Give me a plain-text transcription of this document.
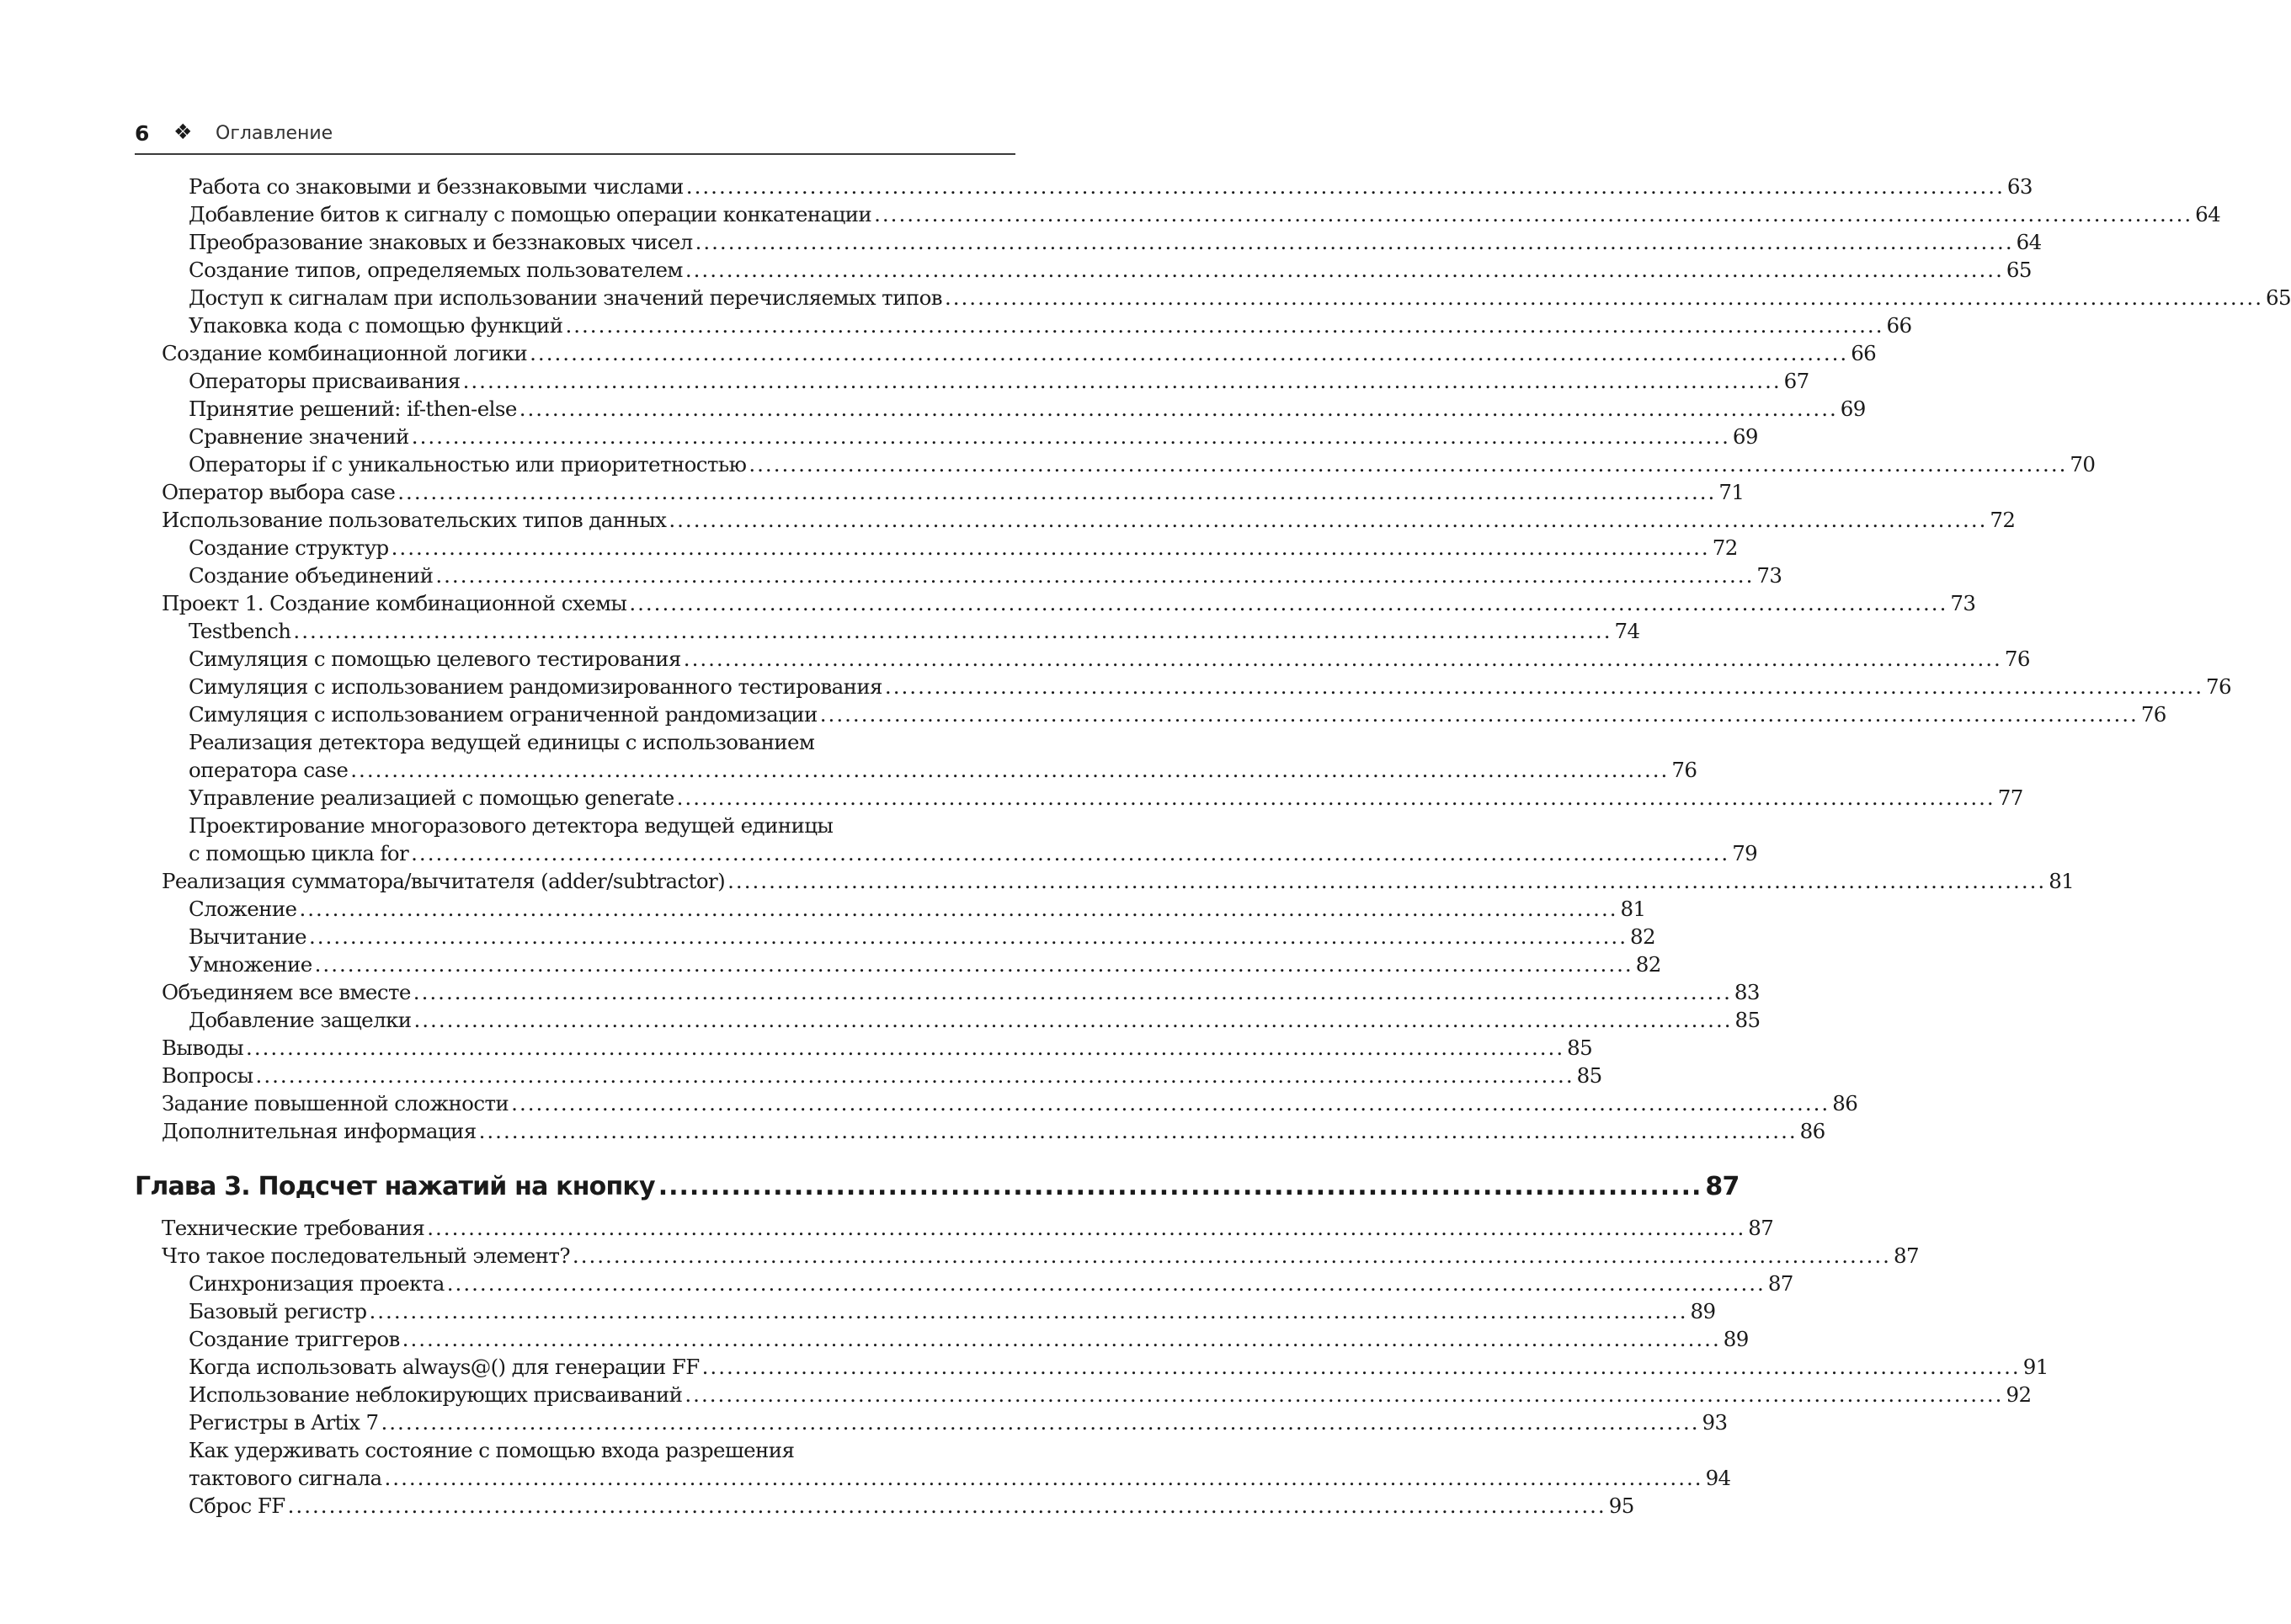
6 ❖ Оглавление
Работа со знаковыми и беззнаковыми числами ................................................................................................................................................................ 63
Добавление битов к сигналу с помощью операции конкатенации ................................................................................................................................................................ 64
Преобразование знаковых и беззнаковых чисел ................................................................................................................................................................ 64
Создание типов, определяемых пользователем ................................................................................................................................................................ 65
Доступ к сигналам при использовании значений перечисляемых типов ................................................................................................................................................................ 65
Упаковка кода с помощью функций ................................................................................................................................................................ 66
Создание комбинационной логики ................................................................................................................................................................ 66
Операторы присваивания ................................................................................................................................................................ 67
Принятие решений: if-then-else ................................................................................................................................................................ 69
Сравнение значений ................................................................................................................................................................ 69
Операторы if с уникальностью или приоритетностью ................................................................................................................................................................ 70
Оператор выбора case ................................................................................................................................................................ 71
Использование пользовательских типов данных ................................................................................................................................................................ 72
Создание структур ................................................................................................................................................................ 72
Создание объединений ................................................................................................................................................................ 73
Проект 1. Создание комбинационной схемы ................................................................................................................................................................ 73
Testbench ................................................................................................................................................................ 74
Симуляция с помощью целевого тестирования ................................................................................................................................................................ 76
Симуляция с использованием рандомизированного тестирования ................................................................................................................................................................ 76
Симуляция с использованием ограниченной рандомизации ................................................................................................................................................................ 76
Реализация детектора ведущей единицы с использованием
оператора case ................................................................................................................................................................ 76
Управление реализацией с помощью generate ................................................................................................................................................................ 77
Проектирование многоразового детектора ведущей единицы
с помощью цикла for ................................................................................................................................................................ 79
Реализация сумматора/вычитателя (adder/subtractor) ................................................................................................................................................................ 81
Сложение ................................................................................................................................................................ 81
Вычитание ................................................................................................................................................................ 82
Умножение ................................................................................................................................................................ 82
Объединяем все вместе ................................................................................................................................................................ 83
Добавление защелки ................................................................................................................................................................ 85
Выводы ................................................................................................................................................................ 85
Вопросы ................................................................................................................................................................ 85
Задание повышенной сложности ................................................................................................................................................................ 86
Дополнительная информация ................................................................................................................................................................ 86
Глава 3. Подсчет нажатий на кнопку .................................................................................................... 87
Технические требования ................................................................................................................................................................ 87
Что такое последовательный элемент? ................................................................................................................................................................ 87
Синхронизация проекта ................................................................................................................................................................ 87
Базовый регистр ................................................................................................................................................................ 89
Создание триггеров ................................................................................................................................................................ 89
Когда использовать always@() для генерации FF ................................................................................................................................................................ 91
Использование неблокирующих присваиваний ................................................................................................................................................................ 92
Регистры в Artix 7 ................................................................................................................................................................ 93
Как удерживать состояние с помощью входа разрешения
тактового сигнала ................................................................................................................................................................ 94
Сброс FF ................................................................................................................................................................ 95
